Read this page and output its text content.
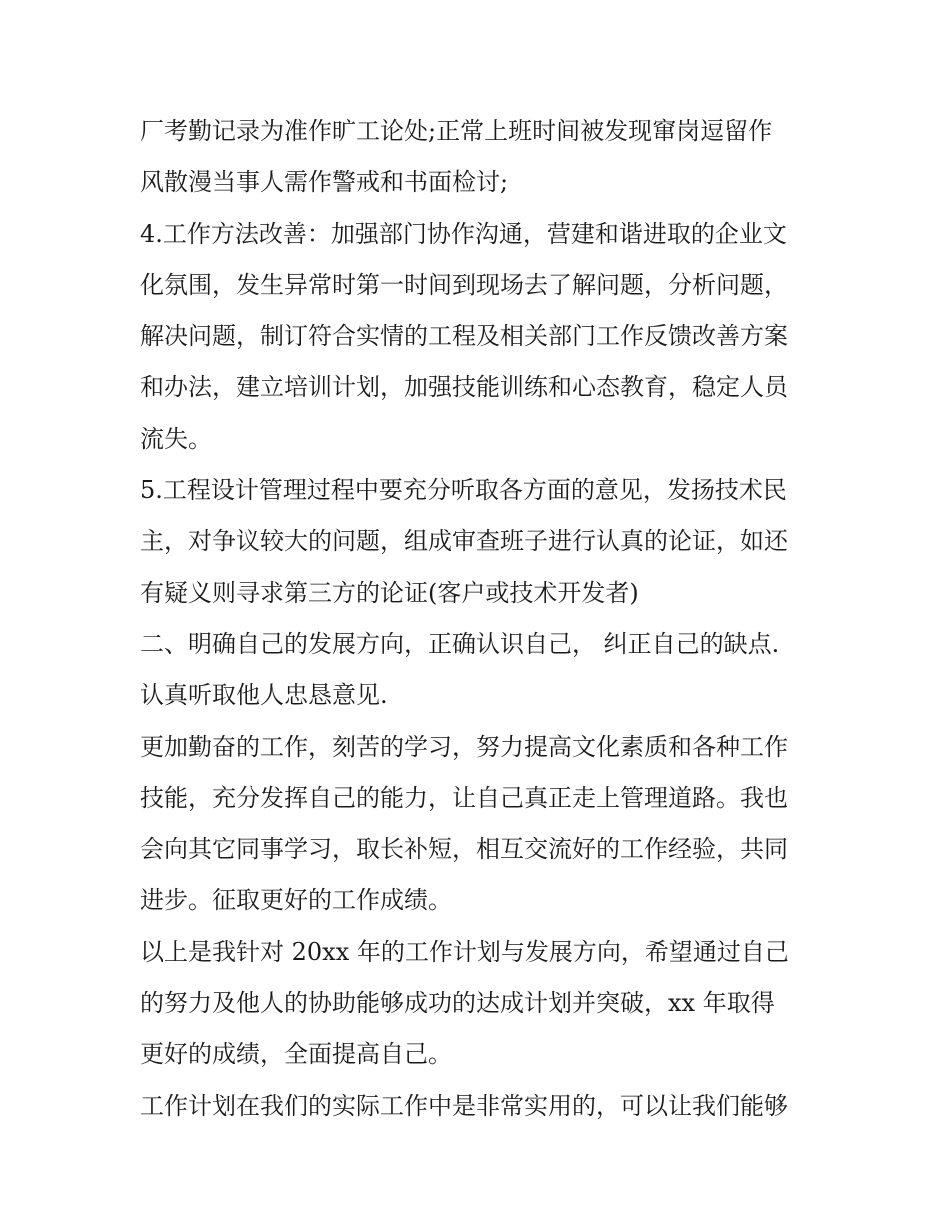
厂考勤记录为准作旷工论处;正常上班时间被发现窜岗逗留作
风散漫当事人需作警戒和书面检讨;
4.工作方法改善：加强部门协作沟通，营建和谐进取的企业文
化氛围，发生异常时第一时间到现场去了解问题，分析问题，
解决问题，制订符合实情的工程及相关部门工作反馈改善方案
和办法，建立培训计划，加强技能训练和心态教育，稳定人员
流失。
5.工程设计管理过程中要充分听取各方面的意见，发扬技术民
主，对争议较大的问题，组成审查班子进行认真的论证，如还
有疑义则寻求第三方的论证(客户或技术开发者)
二、明确自己的发展方向，正确认识自己， 纠正自己的缺点.
认真听取他人忠恳意见.
更加勤奋的工作，刻苦的学习，努力提高文化素质和各种工作
技能，充分发挥自己的能力，让自己真正走上管理道路。我也
会向其它同事学习，取长补短，相互交流好的工作经验，共同
进步。征取更好的工作成绩。
以上是我针对 20xx 年的工作计划与发展方向，希望通过自己
的努力及他人的协助能够成功的达成计划并突破，xx 年取得
更好的成绩，全面提高自己。
工作计划在我们的实际工作中是非常实用的，可以让我们能够
